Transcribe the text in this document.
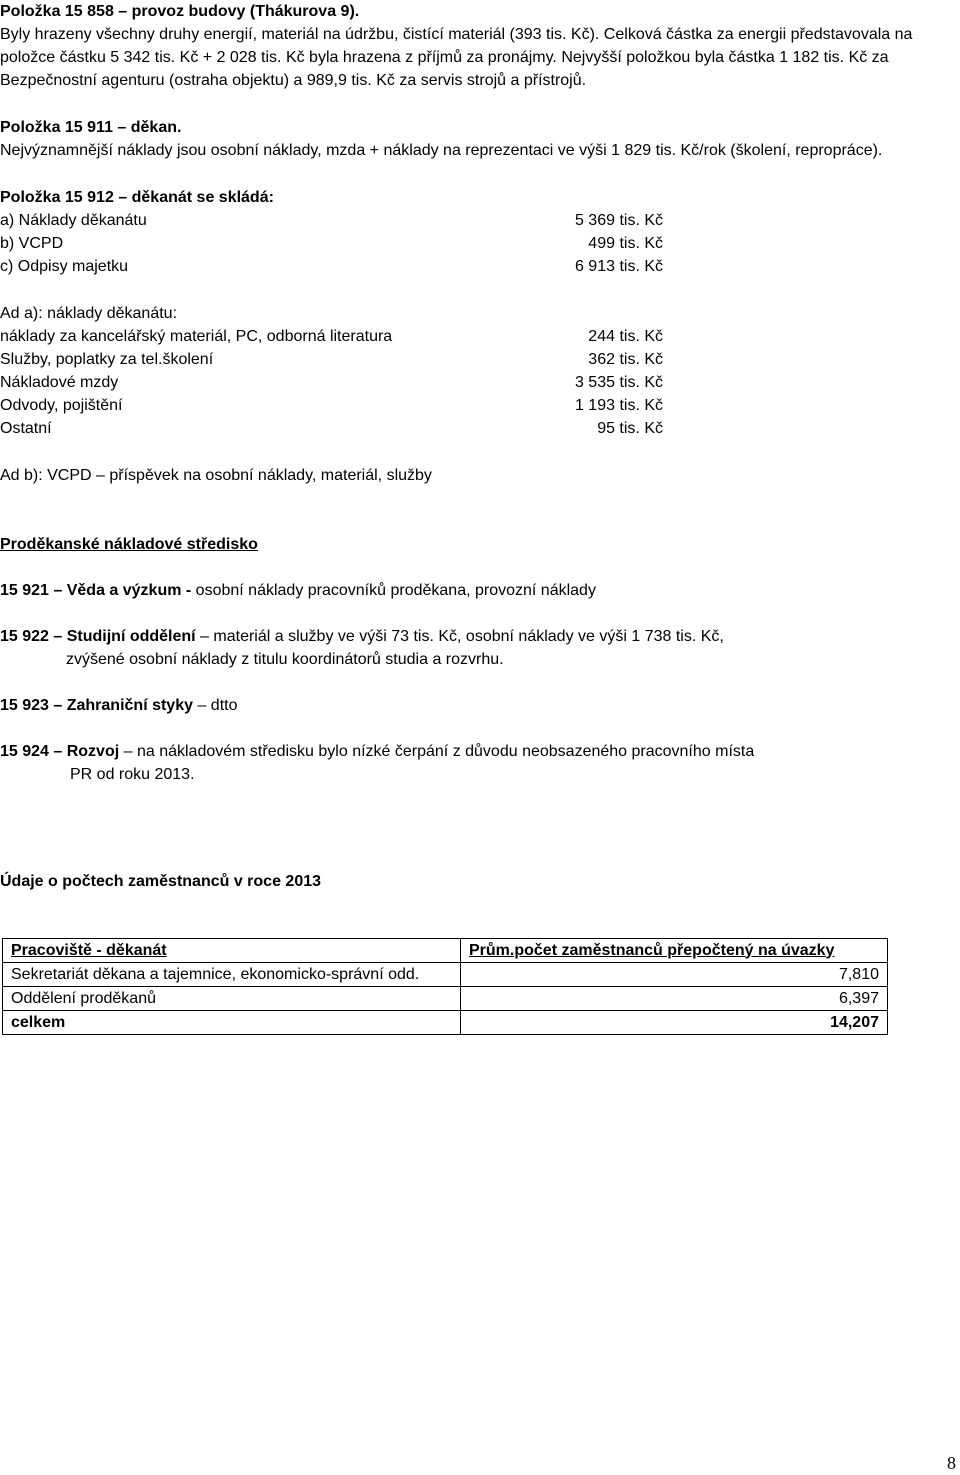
Položka 15 858 – provoz budovy (Thákurova 9).

Byly hrazeny všechny druhy energií, materiál na údržbu, čistící materiál (393 tis. Kč). Celková částka za energii představovala na

položce částku 5 342 tis. Kč + 2 028 tis. Kč byla hrazena z příjmů za pronájmy. Nejvyšší položkou byla částka 1 182 tis. Kč za

Bezpečnostní agenturu (ostraha objektu) a 989,9 tis. Kč za servis strojů a přístrojů.

Položka 15 911 – děkan.

Nejvýznamnější náklady jsou osobní náklady, mzda + náklady na reprezentaci ve výši 1 829 tis. Kč/rok (školení, repropráce).

Položka 15 912 – děkanát se skládá:

a) Náklady děkanátu	5 369 tis. Kč
b) VCPD	499 tis. Kč
c) Odpisy majetku	6 913 tis. Kč

Ad a): náklady děkanátu:

náklady za kancelářský materiál, PC, odborná literatura	244 tis. Kč
Služby, poplatky za tel.školení	362 tis. Kč
Nákladové mzdy	3 535 tis. Kč
Odvody, pojištění	1 193 tis. Kč
Ostatní	95 tis. Kč

Ad b): VCPD – příspěvek na osobní náklady, materiál, služby

Proděkanské nákladové středisko

15 921 – Věda a výzkum - osobní náklady pracovníků proděkana, provozní náklady

15 922 – Studijní oddělení – materiál a služby ve výši 73 tis. Kč, osobní náklady ve výši 1 738 tis. Kč,

zvýšené osobní náklady z titulu koordinátorů studia a rozvrhu.

15 923 – Zahraniční styky – dtto

15 924 – Rozvoj – na nákladovém středisku bylo nízké čerpání z důvodu neobsazeného pracovního místa

PR od roku 2013.

Údaje o počtech zaměstnanců v roce 2013

Pracoviště - děkanát	Prům.počet zaměstnanců přepočtený na úvazky
Sekretariát děkana a tajemnice, ekonomicko-správní odd.	7,810
Oddělení proděkanů	6,397
celkem	14,207
8
